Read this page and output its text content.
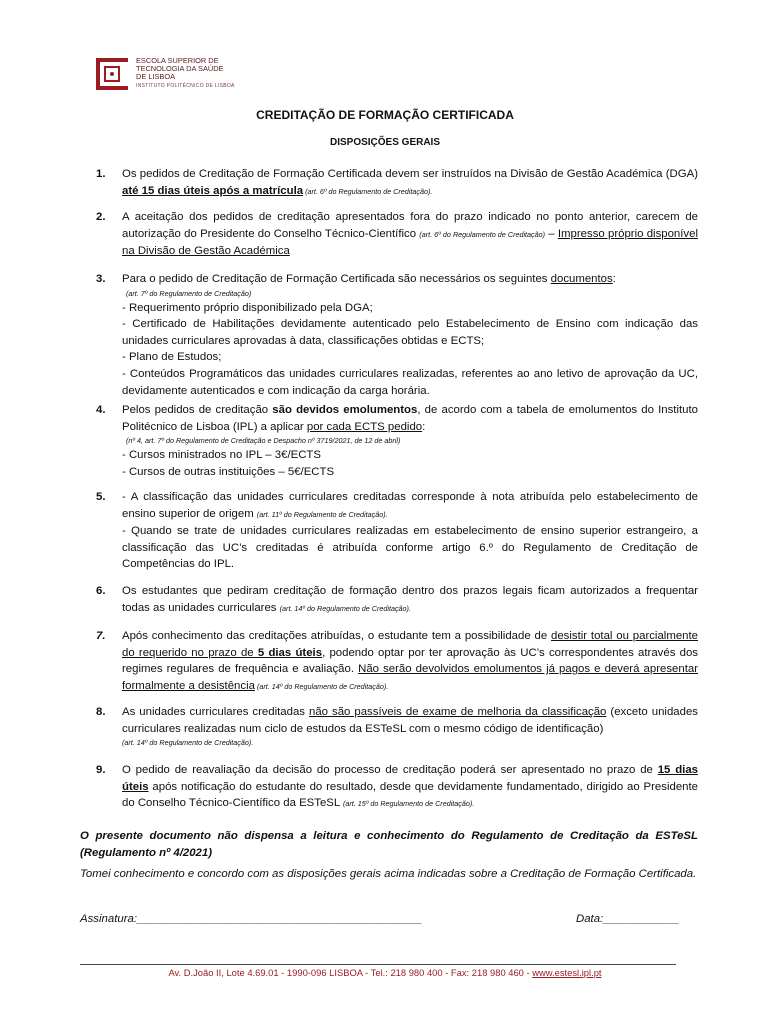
ESCOLA SUPERIOR DE
TECNOLOGIA DA SAÚDE
DE LISBOA
INSTITUTO POLITÉCNICO DE LISBOA
CREDITAÇÃO DE FORMAÇÃO CERTIFICADA
DISPOSIÇÕES GERAIS
1. Os pedidos de Creditação de Formação Certificada devem ser instruídos na Divisão de Gestão Académica (DGA) até 15 dias úteis após a matrícula (art. 6º do Regulamento de Creditação).
2. A aceitação dos pedidos de creditação apresentados fora do prazo indicado no ponto anterior, carecem de autorização do Presidente do Conselho Técnico-Científico (art. 6º do Regulamento de Creditação) – Impresso próprio disponível na Divisão de Gestão Académica
3. Para o pedido de Creditação de Formação Certificada são necessários os seguintes documentos:
(art. 7º do Regulamento de Creditação)
- Requerimento próprio disponibilizado pela DGA;
- Certificado de Habilitações devidamente autenticado pelo Estabelecimento de Ensino com indicação das unidades curriculares aprovadas à data, classificações obtidas e ECTS;
- Plano de Estudos;
- Conteúdos Programáticos das unidades curriculares realizadas, referentes ao ano letivo de aprovação da UC, devidamente autenticados e com indicação da carga horária.
4. Pelos pedidos de creditação são devidos emolumentos, de acordo com a tabela de emolumentos do Instituto Politécnico de Lisboa (IPL) a aplicar por cada ECTS pedido:
(nº 4, art. 7º do Regulamento de Creditação e Despacho nº 3719/2021, de 12 de abril)
- Cursos ministrados no IPL – 3€/ECTS
- Cursos de outras instituições – 5€/ECTS
5. - A classificação das unidades curriculares creditadas corresponde à nota atribuída pelo estabelecimento de ensino superior de origem (art. 11º do Regulamento de Creditação).
- Quando se trate de unidades curriculares realizadas em estabelecimento de ensino superior estrangeiro, a classificação das UC’s creditadas é atribuída conforme artigo 6.º do Regulamento de Creditação de Competências do IPL.
6. Os estudantes que pediram creditação de formação dentro dos prazos legais ficam autorizados a frequentar todas as unidades curriculares (art. 14º do Regulamento de Creditação).
7. Após conhecimento das creditações atribuídas, o estudante tem a possibilidade de desistir total ou parcialmente do requerido no prazo de 5 dias úteis, podendo optar por ter aprovação às UC’s correspondentes através dos regimes regulares de frequência e avaliação. Não serão devolvidos emolumentos já pagos e deverá apresentar formalmente a desistência (art. 14º do Regulamento de Creditação).
8. As unidades curriculares creditadas não são passíveis de exame de melhoria da classificação (exceto unidades curriculares realizadas num ciclo de estudos da ESTeSL com o mesmo código de identificação)
(art. 14º do Regulamento de Creditação).
9. O pedido de reavaliação da decisão do processo de creditação poderá ser apresentado no prazo de 15 dias úteis após notificação do estudante do resultado, desde que devidamente fundamentado, dirigido ao Presidente do Conselho Técnico-Científico da ESTeSL (art. 15º do Regulamento de Creditação).
O presente documento não dispensa a leitura e conhecimento do Regulamento de Creditação da ESTeSL (Regulamento nº 4/2021)
Tomei conhecimento e concordo com as disposições gerais acima indicadas sobre a Creditação de Formação Certificada.
Assinatura:_____________________________________________	Data:____________
Av. D.João II, Lote 4.69.01 - 1990-096 LISBOA - Tel.: 218 980 400 - Fax: 218 980 460 - www.estesl.ipl.pt
